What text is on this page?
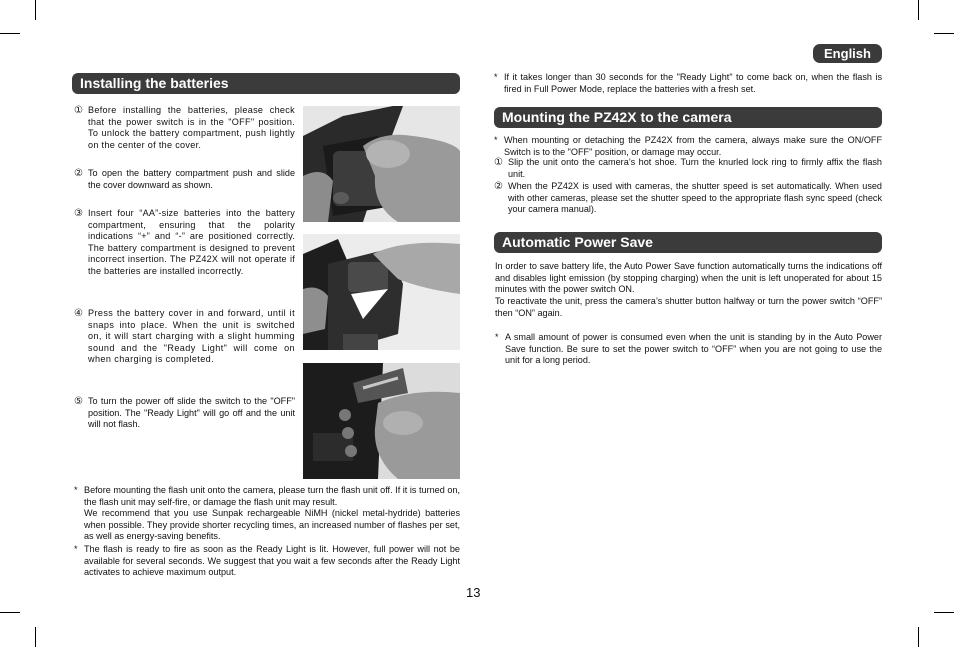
English
Installing the batteries
① Before installing the batteries, please check that the power switch is in the "OFF" position. To unlock the battery compartment, push lightly on the center of the cover.
② To open the battery compartment push and slide the cover downward as shown.
③ Insert four “AA”-size batteries into the battery compartment, ensuring that the polarity indications “+” and “-” are positioned correctly. The battery compartment is designed to prevent incorrect insertion. The PZ42X will not operate if the batteries are installed incorrectly.
④ Press the battery cover in and forward, until it snaps into place. When the unit is switched on, it will start charging with a slight humming sound and the "Ready Light" will come on when charging is completed.
⑤ To turn the power off slide the switch to the "OFF" position. The "Ready Light" will go off and the unit will not flash.
* Before mounting the flash unit onto the camera, please turn the flash unit off. If it is turned on, the flash unit may self-fire, or damage the flash unit may result.

We recommend that you use Sunpak rechargeable NiMH (nickel metal-hydride) batteries when possible. They provide shorter recycling times, an increased number of flashes per set, as well as energy-saving benefits.

* The flash is ready to fire as soon as the Ready Light is lit. However, full power will not be available for several seconds. We suggest that you wait a few seconds after the Ready Light activates to achieve maximum output.

* If it takes longer than 30 seconds for the "Ready Light" to come back on, when the flash is fired in Full Power Mode, replace the batteries with a fresh set.

Mounting the PZ42X to the camera
* When mounting or detaching the PZ42X from the camera, always make sure the ON/OFF Switch is to the "OFF" position, or damage may occur.

① Slip the unit onto the camera’s hot shoe. Turn the knurled lock ring to firmly affix the flash unit.
② When the PZ42X is used with cameras, the shutter speed is set automatically. When used with other cameras, please set the shutter speed to the appropriate flash sync speed (check your camera manual).
Automatic Power Save
In order to save battery life, the Auto Power Save function automatically turns the indications off and disables light emission (by stopping charging) when the unit is left unoperated for about 15 minutes with the power switch ON.
To reactivate the unit, press the camera’s shutter button halfway or turn the power switch “OFF” then “ON” again.
* A small amount of power is consumed even when the unit is standing by in the Auto Power Save function. Be sure to set the power switch to “OFF” when you are not going to use the unit for a long period.

13
